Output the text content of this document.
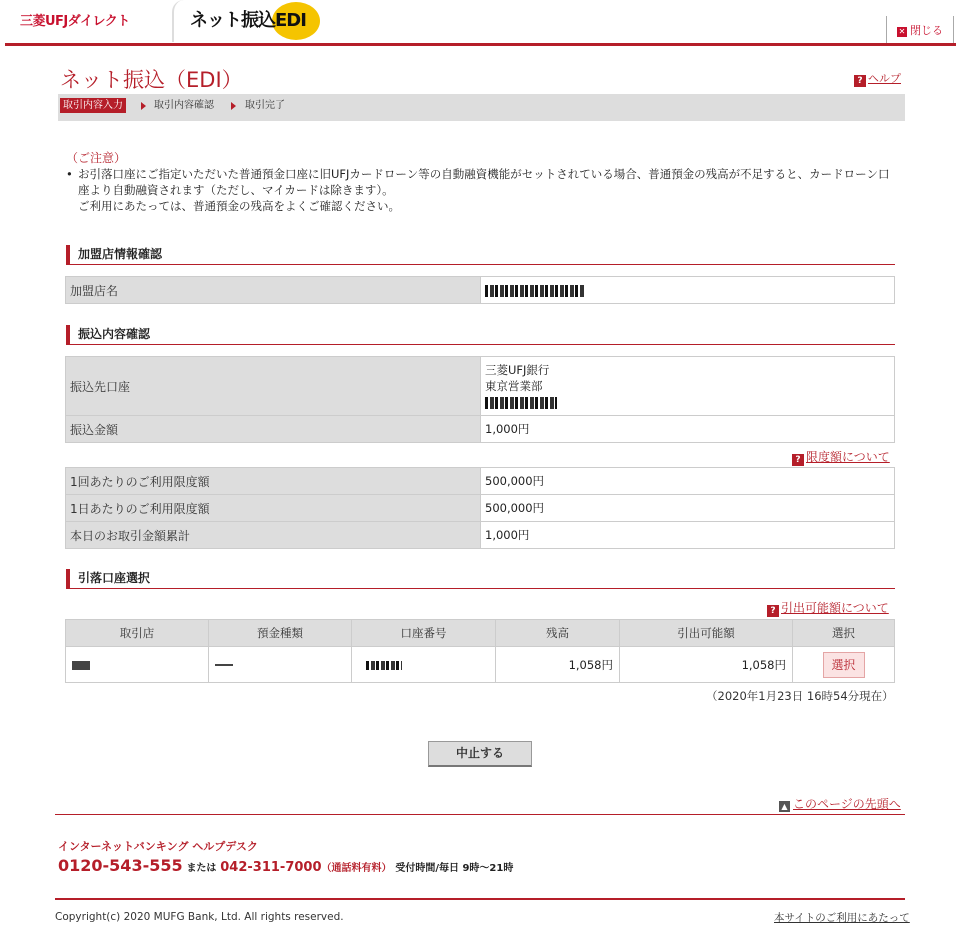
三菱UFJダイレクト	ネット振込EDI
✕ 閉じる
ネット振込（EDI）	? ヘルプ
取引内容入力	取引内容確認	取引完了
（ご注意）
• お引落口座にご指定いただいた普通預金口座に旧UFJカードローン等の自動融資機能がセットされている場合、普通預金の残高が不足すると、カードローン口座より自動融資されます（ただし、マイカードは除きます）。
ご利用にあたっては、普通預金の残高をよくご確認ください。
加盟店情報確認
加盟店名	
振込内容確認
振込先口座	三菱UFJ銀行
東京営業部

振込金額	1,000円
? 限度額について
1回あたりのご利用限度額	500,000円
1日あたりのご利用限度額	500,000円
本日のお取引金額累計	1,000円
引落口座選択
? 引出可能額について
取引店	預金種類	口座番号	残高	引出可能額	選択
			1,058円	1,058円	選択
（2020年1月23日 16時54分現在）
中止する
▲ このページの先頭へ
インターネットバンキング ヘルプデスク
0120-543-555 または 042-311-7000（通話料有料） 受付時間/毎日 9時～21時
Copyright(c) 2020 MUFG Bank, Ltd. All rights reserved.	本サイトのご利用にあたって
